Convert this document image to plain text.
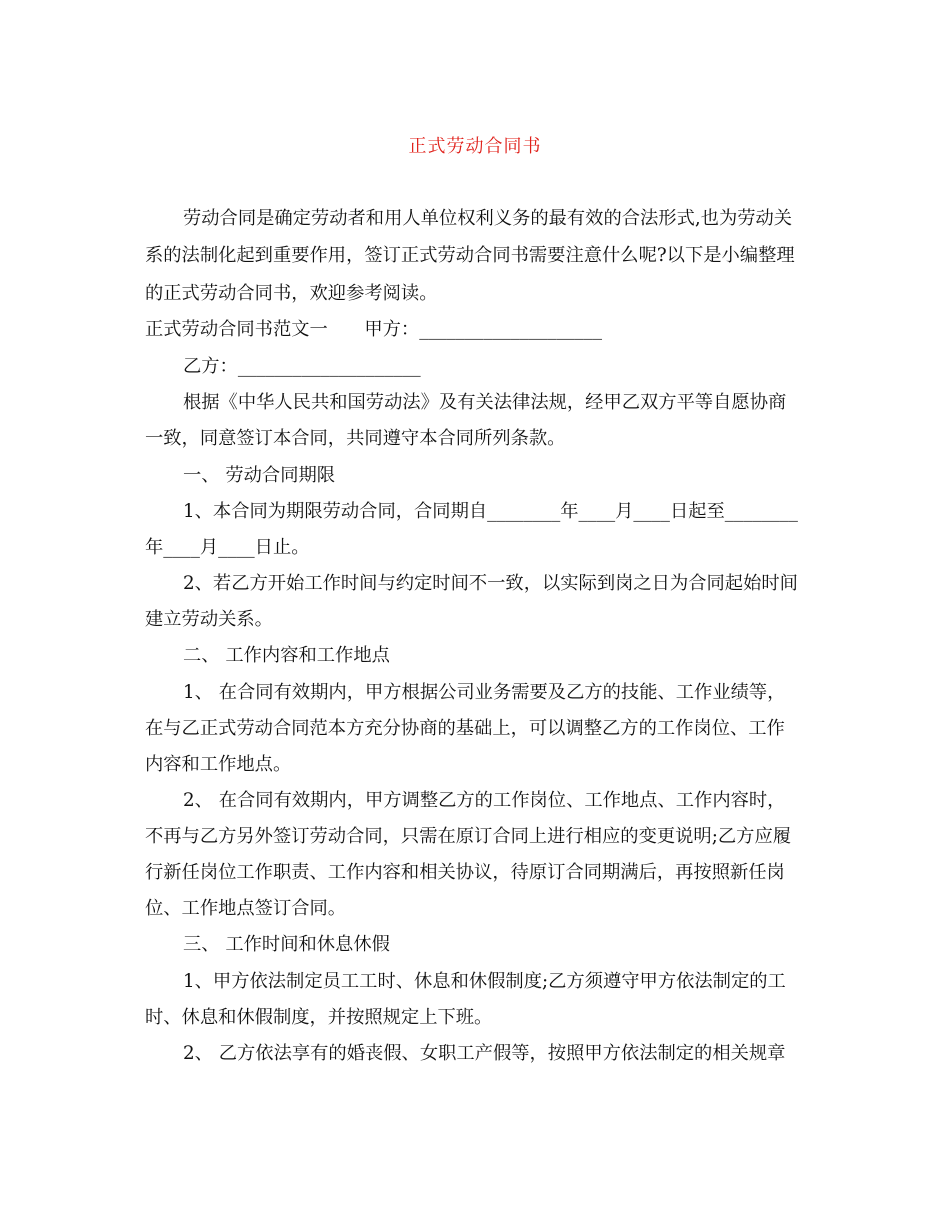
正式劳动合同书
劳动合同是确定劳动者和用人单位权利义务的最有效的合法形式,也为劳动关
系的法制化起到重要作用，签订正式劳动合同书需要注意什么呢?以下是小编整理
的正式劳动合同书，欢迎参考阅读。
正式劳动合同书范文一　　甲方：____________________
乙方：____________________
根据《中华人民共和国劳动法》及有关法律法规，经甲乙双方平等自愿协商
一致，同意签订本合同，共同遵守本合同所列条款。
一、 劳动合同期限
1、本合同为期限劳动合同，合同期自________年____月____日起至________
年____月____日止。
2、若乙方开始工作时间与约定时间不一致，以实际到岗之日为合同起始时间
建立劳动关系。
二、 工作内容和工作地点
1、 在合同有效期内，甲方根据公司业务需要及乙方的技能、工作业绩等，
在与乙正式劳动合同范本方充分协商的基础上，可以调整乙方的工作岗位、工作
内容和工作地点。
2、 在合同有效期内，甲方调整乙方的工作岗位、工作地点、工作内容时，
不再与乙方另外签订劳动合同，只需在原订合同上进行相应的变更说明;乙方应履
行新任岗位工作职责、工作内容和相关协议，待原订合同期满后，再按照新任岗
位、工作地点签订合同。
三、 工作时间和休息休假
1、甲方依法制定员工工时、休息和休假制度;乙方须遵守甲方依法制定的工
时、休息和休假制度，并按照规定上下班。
2、 乙方依法享有的婚丧假、女职工产假等，按照甲方依法制定的相关规章
